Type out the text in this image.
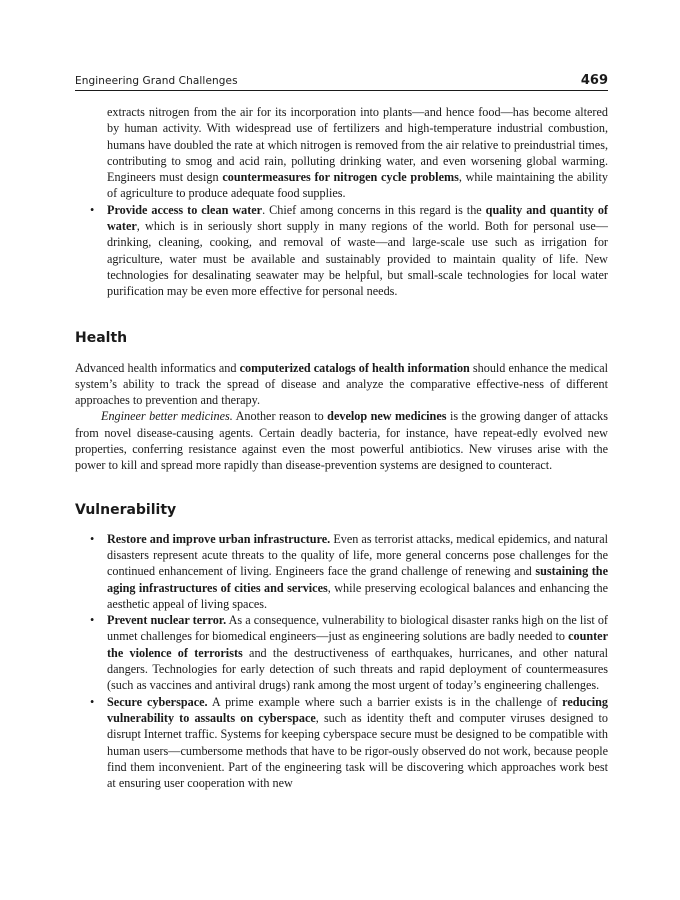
Engineering Grand Challenges	469

extracts nitrogen from the air for its incorporation into plants—and hence food—has become altered by human activity. With widespread use of fertilizers and high-temperature industrial combustion, humans have doubled the rate at which nitrogen is removed from the air relative to preindustrial times, contributing to smog and acid rain, polluting drinking water, and even worsening global warming. Engineers must design countermeasures for nitrogen cycle problems, while maintaining the ability of agriculture to produce adequate food supplies.

• Provide access to clean water. Chief among concerns in this regard is the quality and quantity of water, which is in seriously short supply in many regions of the world. Both for personal use—drinking, cleaning, cooking, and removal of waste—and large-scale use such as irrigation for agriculture, water must be available and sustainably provided to maintain quality of life. New technologies for desalinating seawater may be helpful, but small-scale technologies for local water purification may be even more effective for personal needs.
Health

Advanced health informatics and computerized catalogs of health information should enhance the medical system’s ability to track the spread of disease and analyze the comparative effective-ness of different approaches to prevention and therapy.

Engineer better medicines. Another reason to develop new medicines is the growing danger of attacks from novel disease-causing agents. Certain deadly bacteria, for instance, have repeat-edly evolved new properties, conferring resistance against even the most powerful antibiotics. New viruses arise with the power to kill and spread more rapidly than disease-prevention systems are designed to counteract.

Vulnerability
• Restore and improve urban infrastructure. Even as terrorist attacks, medical epidemics, and natural disasters represent acute threats to the quality of life, more general concerns pose challenges for the continued enhancement of living. Engineers face the grand challenge of renewing and sustaining the aging infrastructures of cities and services, while preserving ecological balances and enhancing the aesthetic appeal of living spaces.
• Prevent nuclear terror. As a consequence, vulnerability to biological disaster ranks high on the list of unmet challenges for biomedical engineers—just as engineering solutions are badly needed to counter the violence of terrorists and the destructiveness of earthquakes, hurricanes, and other natural dangers. Technologies for early detection of such threats and rapid deployment of countermeasures (such as vaccines and antiviral drugs) rank among the most urgent of today’s engineering challenges.
• Secure cyberspace. A prime example where such a barrier exists is in the challenge of reducing vulnerability to assaults on cyberspace, such as identity theft and computer viruses designed to disrupt Internet traffic. Systems for keeping cyberspace secure must be designed to be compatible with human users—cumbersome methods that have to be rigor-ously observed do not work, because people find them inconvenient. Part of the engineering task will be discovering which approaches work best at ensuring user cooperation with new
